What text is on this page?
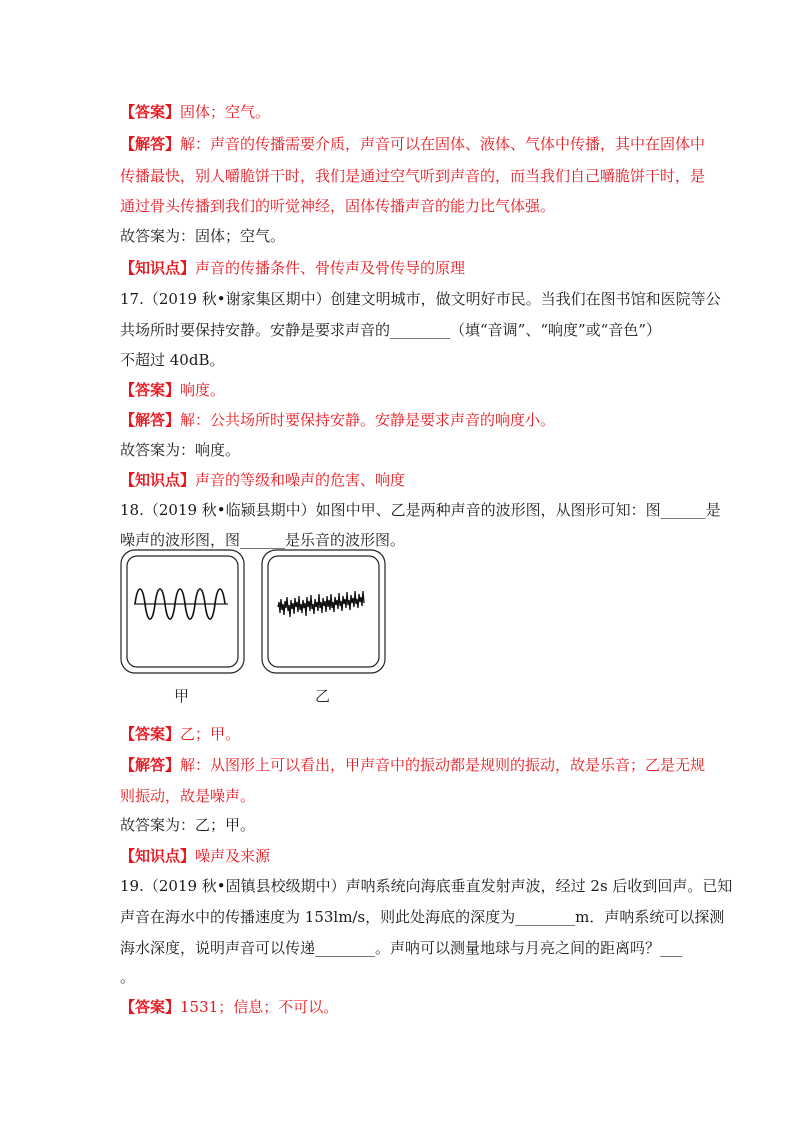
【答案】固体；空气。
【解答】解：声音的传播需要介质，声音可以在固体、液体、气体中传播，其中在固体中
传播最快，别人嚼脆饼干时，我们是通过空气听到声音的，而当我们自己嚼脆饼干时，是
通过骨头传播到我们的听觉神经，固体传播声音的能力比气体强。
故答案为：固体；空气。
【知识点】声音的传播条件、骨传声及骨传导的原理
17.（2019 秋•谢家集区期中）创建文明城市，做文明好市民。当我们在图书馆和医院等公
共场所时要保持安静。安静是要求声音的________（填“音调”、“响度”或“音色”）
不超过 40dB。
【答案】响度。
【解答】解：公共场所时要保持安静。安静是要求声音的响度小。
故答案为：响度。
【知识点】声音的等级和噪声的危害、响度
18.（2019 秋•临颍县期中）如图中甲、乙是两种声音的波形图，从图形可知：图______是
噪声的波形图，图______是乐音的波形图。
甲	乙
【答案】乙；甲。
【解答】解：从图形上可以看出，甲声音中的振动都是规则的振动，故是乐音；乙是无规
则振动，故是噪声。
故答案为：乙；甲。
【知识点】噪声及来源
19.（2019 秋•固镇县校级期中）声呐系统向海底垂直发射声波，经过 2s 后收到回声。已知
声音在海水中的传播速度为 153lm/s，则此处海底的深度为________m．声呐系统可以探测
海水深度，说明声音可以传递________。声呐可以测量地球与月亮之间的距离吗？___
。
【答案】1531；信息；不可以。
